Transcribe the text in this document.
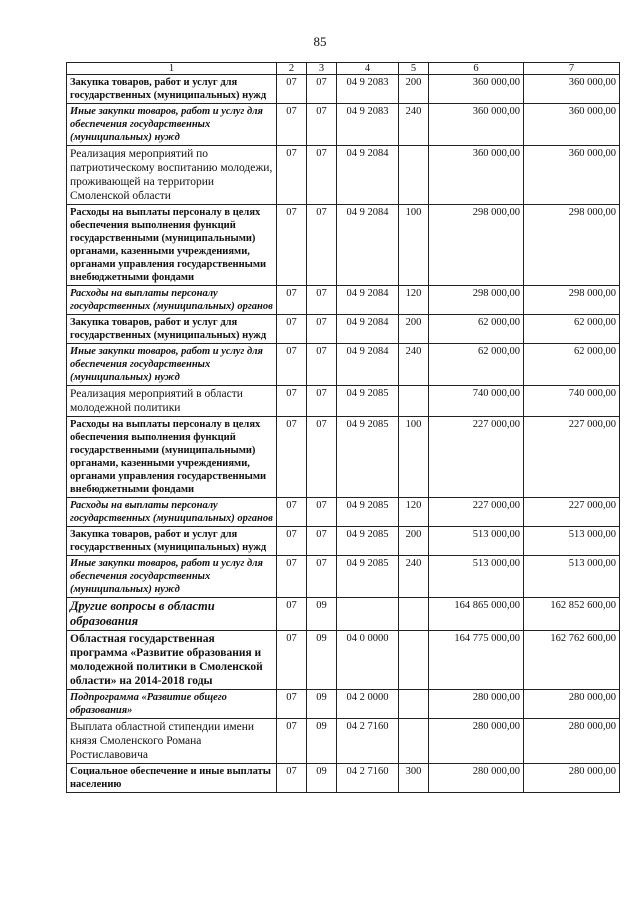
85
1	2	3	4	5	6	7
Закупка товаров, работ и услуг для государственных (муниципальных) нужд	07	07	04 9 2083	200	360 000,00	360 000,00
Иные закупки товаров, работ и услуг для обеспечения государственных (муниципальных) нужд	07	07	04 9 2083	240	360 000,00	360 000,00
Реализация мероприятий по патриотическому воспитанию молодежи, проживающей на территории Смоленской области	07	07	04 9 2084		360 000,00	360 000,00
Расходы на выплаты персоналу в целях обеспечения выполнения функций государственными (муниципальными) органами, казенными учреждениями, органами управления государственными внебюджетными фондами	07	07	04 9 2084	100	298 000,00	298 000,00
Расходы на выплаты персоналу государственных (муниципальных) органов	07	07	04 9 2084	120	298 000,00	298 000,00
Закупка товаров, работ и услуг для государственных (муниципальных) нужд	07	07	04 9 2084	200	62 000,00	62 000,00
Иные закупки товаров, работ и услуг для обеспечения государственных (муниципальных) нужд	07	07	04 9 2084	240	62 000,00	62 000,00
Реализация мероприятий в области молодежной политики	07	07	04 9 2085		740 000,00	740 000,00
Расходы на выплаты персоналу в целях обеспечения выполнения функций государственными (муниципальными) органами, казенными учреждениями, органами управления государственными внебюджетными фондами	07	07	04 9 2085	100	227 000,00	227 000,00
Расходы на выплаты персоналу государственных (муниципальных) органов	07	07	04 9 2085	120	227 000,00	227 000,00
Закупка товаров, работ и услуг для государственных (муниципальных) нужд	07	07	04 9 2085	200	513 000,00	513 000,00
Иные закупки товаров, работ и услуг для обеспечения государственных (муниципальных) нужд	07	07	04 9 2085	240	513 000,00	513 000,00
Другие вопросы в области образования	07	09			164 865 000,00	162 852 600,00
Областная государственная программа «Развитие образования и молодежной политики в Смоленской области» на 2014-2018 годы	07	09	04 0 0000		164 775 000,00	162 762 600,00
Подпрограмма «Развитие общего образования»	07	09	04 2 0000		280 000,00	280 000,00
Выплата областной стипендии имени князя Смоленского Романа Ростиславовича	07	09	04 2 7160		280 000,00	280 000,00
Социальное обеспечение и иные выплаты населению	07	09	04 2 7160	300	280 000,00	280 000,00
